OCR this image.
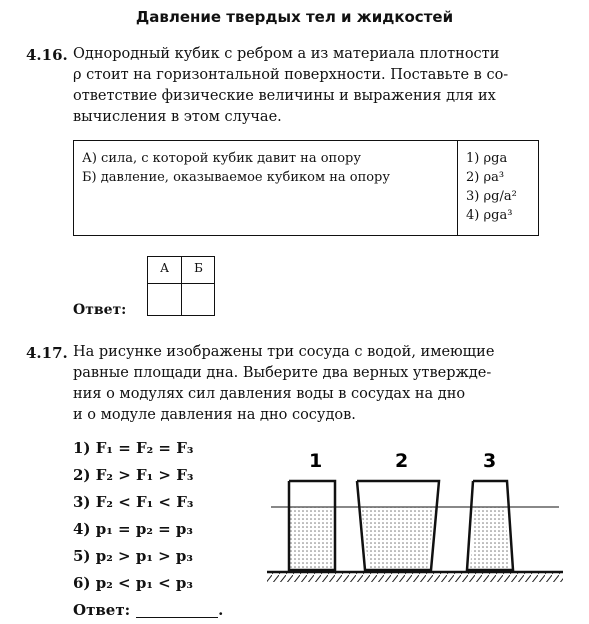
Давление твердых тел и жидкостей
4.16. Однородный кубик с ребром a из материала плотности
ρ стоит на горизонтальной поверхности. Поставьте в со-
ответствие физические величины и выражения для их
вычисления в этом случае.
А) сила, с которой кубик давит на опору
Б) давление, оказываемое кубиком на опору
1) ρga
2) ρa³
3) ρg/a²
4) ρga³
Ответ:
А	Б
4.17. На рисунке изображены три сосуда с водой, имеющие
равные площади дна. Выберите два верных утвержде-
ния о модулях сил давления воды в сосудах на дно
и о модуле давления на дно сосудов.
1) F₁ = F₂ = F₃
2) F₂ > F₁ > F₃
3) F₂ < F₁ < F₃
4) p₁ = p₂ = p₃
5) p₂ > p₁ > p₃
6) p₂ < p₁ < p₃
Ответ:	.
1	2	3
